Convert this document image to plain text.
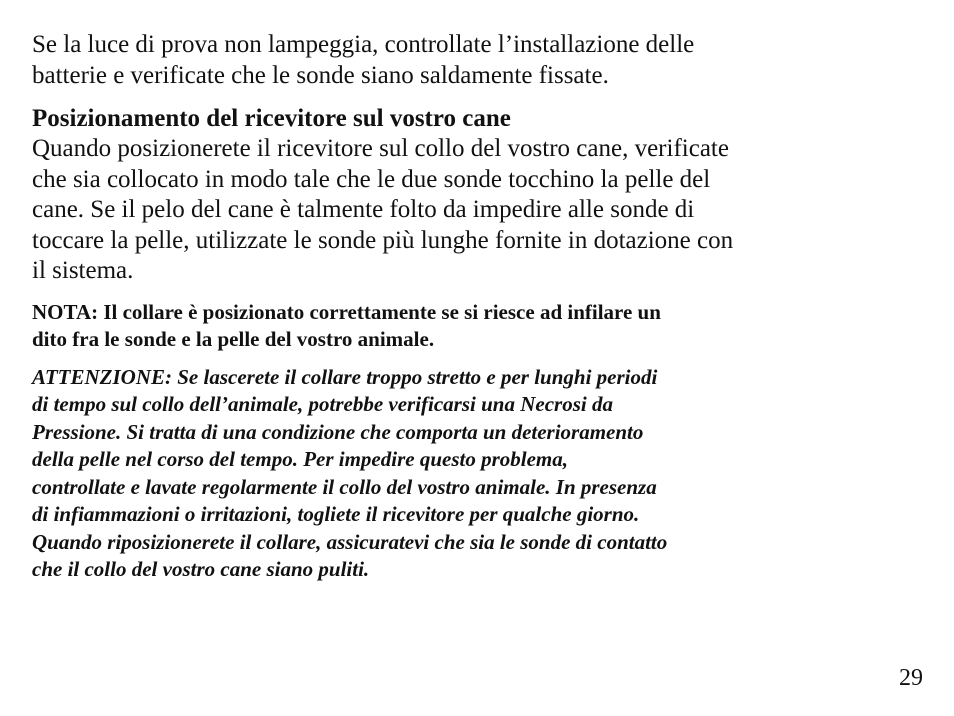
Se la luce di prova non lampeggia, controllate l’installazione delle
batterie e verificate che le sonde siano saldamente fissate.

Posizionamento del ricevitore sul vostro cane

Quando posizionerete il ricevitore sul collo del vostro cane, verificate
che sia collocato in modo tale che le due sonde tocchino la pelle del
cane. Se il pelo del cane è talmente folto da impedire alle sonde di
toccare la pelle, utilizzate le sonde più lunghe fornite in dotazione con
il sistema.

NOTA: Il collare è posizionato correttamente se si riesce ad infilare un
dito fra le sonde e la pelle del vostro animale.

ATTENZIONE: Se lascerete il collare troppo stretto e per lunghi periodi
di tempo sul collo dell’animale, potrebbe verificarsi una Necrosi da
Pressione. Si tratta di una condizione che comporta un deterioramento
della pelle nel corso del tempo. Per impedire questo problema,
controllate e lavate regolarmente il collo del vostro animale. In presenza
di infiammazioni o irritazioni, togliete il ricevitore per qualche giorno.
Quando riposizionerete il collare, assicuratevi che sia le sonde di contatto
che il collo del vostro cane siano puliti.

29
